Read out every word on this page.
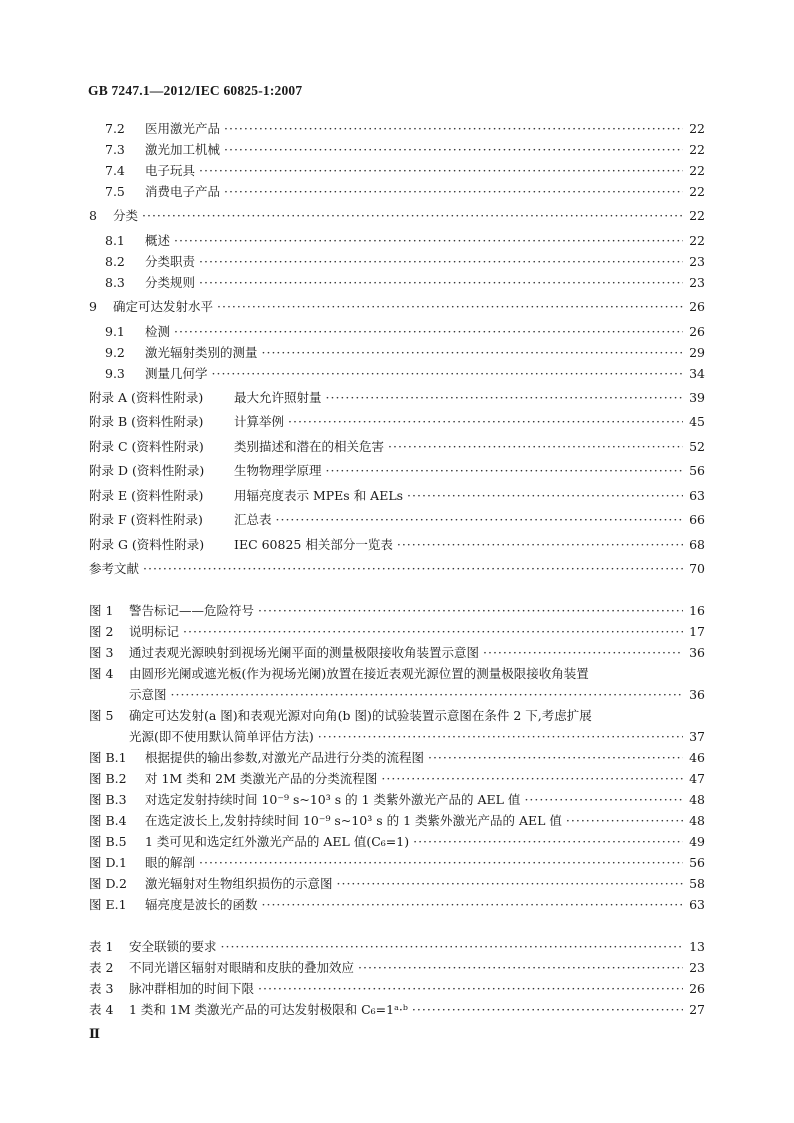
GB 7247.1—2012/IEC 60825-1:2007
7.2	医用激光产品 ·····	22
7.3	激光加工机械 ·····	22
7.4	电子玩具 ·····	22
7.5	消费电子产品 ·····	22
8	分类 ·····	22
8.1	概述 ·····	22
8.2	分类职责 ·····	23
8.3	分类规则 ·····	23
9	确定可达发射水平 ·····	26
9.1	检测 ·····	26
9.2	激光辐射类别的测量 ·····	29
9.3	测量几何学 ·····	34
附录 A (资料性附录)	最大允许照射量 ·····	39
附录 B (资料性附录)	计算举例 ·····	45
附录 C (资料性附录)	类别描述和潜在的相关危害 ·····	52
附录 D (资料性附录)	生物物理学原理 ·····	56
附录 E (资料性附录)	用辐亮度表示 MPEs 和 AELs ·····	63
附录 F (资料性附录)	汇总表 ·····	66
附录 G (资料性附录)	IEC 60825 相关部分一览表 ·····	68
参考文献 ·····	70
图 1	警告标记——危险符号 ·····	16
图 2	说明标记 ·····	17
图 3	通过表观光源映射到视场光阑平面的测量极限接收角装置示意图 ·····	36
图 4 由圆形光阑或遮光板(作为视场光阑)放置在接近表观光源位置的测量极限接收角装置
示意图 ·····	36
图 5 确定可达发射(a 图)和表观光源对向角(b 图)的试验装置示意图在条件 2 下,考虑扩展
光源(即不使用默认简单评估方法) ·····	37
图 B.1	根据提供的输出参数,对激光产品进行分类的流程图 ·····	46
图 B.2	对 1M 类和 2M 类激光产品的分类流程图 ·····	47
图 B.3	对选定发射持续时间 10⁻⁹ s~10³ s 的 1 类紫外激光产品的 AEL 值 ·····	48
图 B.4	在选定波长上,发射持续时间 10⁻⁹ s~10³ s 的 1 类紫外激光产品的 AEL 值 ·····	48
图 B.5	1 类可见和选定红外激光产品的 AEL 值(C₆=1) ·····	49
图 D.1	眼的解剖 ·····	56
图 D.2	激光辐射对生物组织损伤的示意图 ·····	58
图 E.1	辐亮度是波长的函数 ·····	63
表 1	安全联锁的要求 ·····	13
表 2	不同光谱区辐射对眼睛和皮肤的叠加效应 ·····	23
表 3	脉冲群相加的时间下限 ·····	26
表 4	1 类和 1M 类激光产品的可达发射极限和 C₆=1ᵃ·ᵇ ·····	27
Ⅱ
